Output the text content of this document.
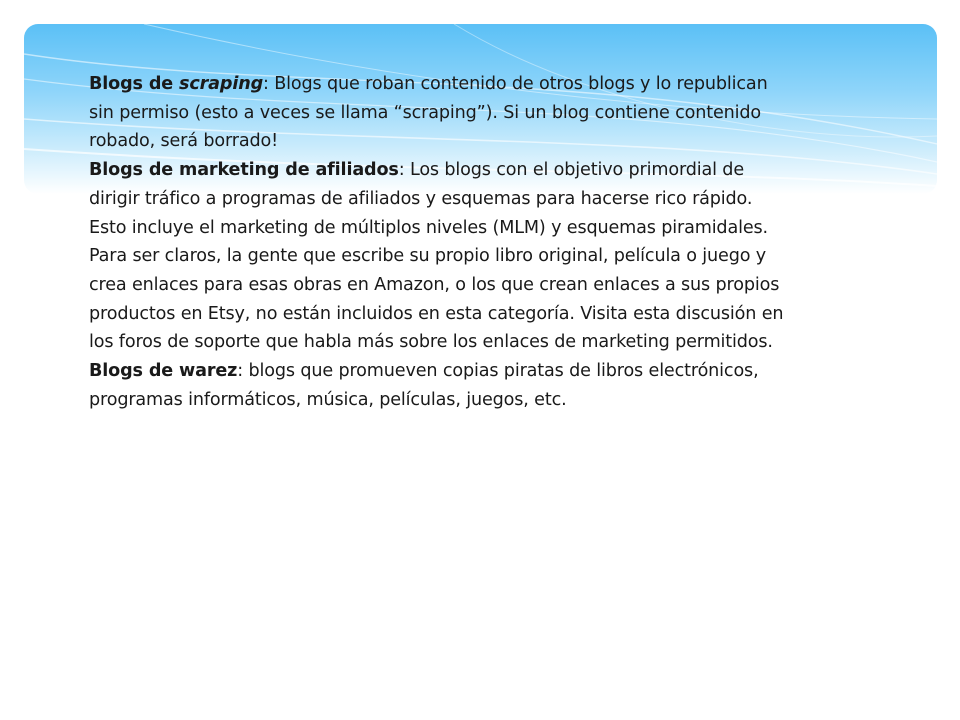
Blogs de scraping: Blogs que roban contenido de otros blogs y lo republican sin permiso (esto a veces se llama “scraping”). Si un blog contiene contenido robado, será borrado!

Blogs de marketing de afiliados: Los blogs con el objetivo primordial de dirigir tráfico a programas de afiliados y esquemas para hacerse rico rápido. Esto incluye el marketing de múltiplos niveles (MLM) y esquemas piramidales. Para ser claros, la gente que escribe su propio libro original, película o juego y crea enlaces para esas obras en Amazon, o los que crean enlaces a sus propios productos en Etsy, no están incluidos en esta categoría. Visita esta discusión en los foros de soporte que habla más sobre los enlaces de marketing permitidos.

Blogs de warez: blogs que promueven copias piratas de libros electrónicos, programas informáticos, música, películas, juegos, etc.
